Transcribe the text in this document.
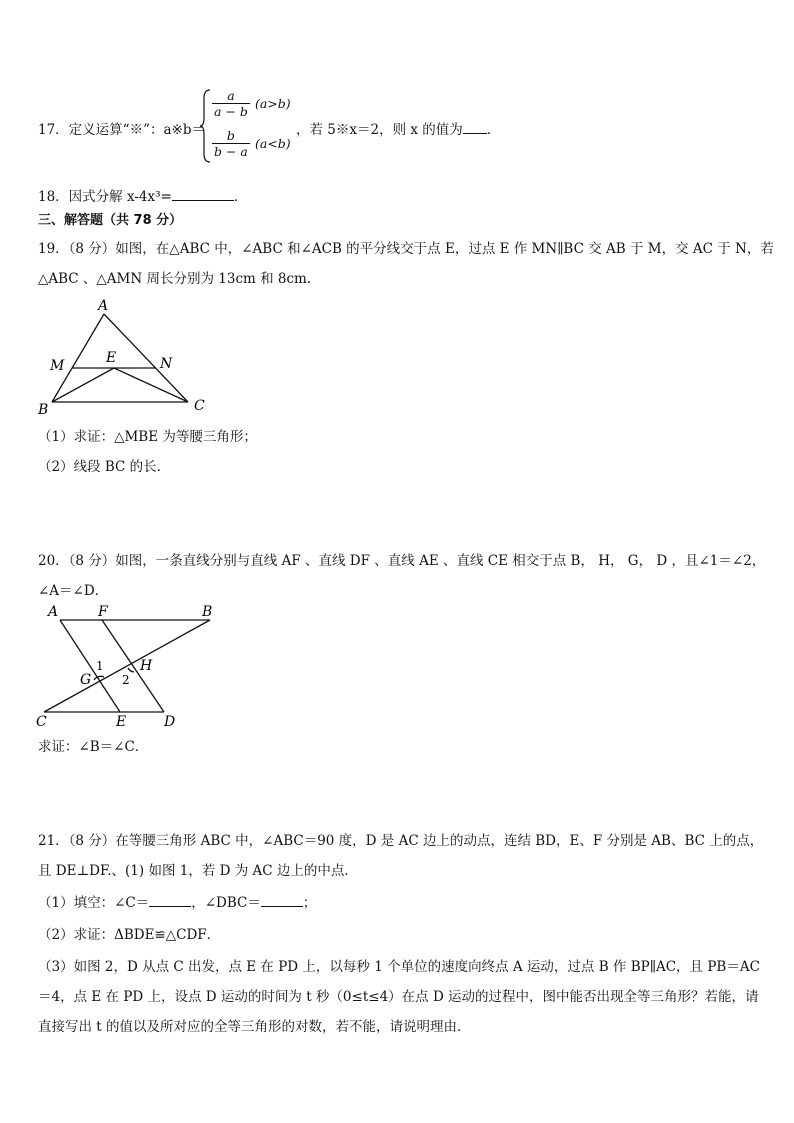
17．定义运算“※”：a※b＝
$\frac{a}{a - b} (a>b)$
$\frac{b}{b - a} (a<b)$
，若 5※x＝2，则 x 的值为 ．
18．因式分解 x-4x³=	．
三、解答题（共 78 分）
19．（8 分）如图，在△ABC 中，∠ABC 和∠ACB 的平分线交于点 E，过点 E 作 MN∥BC 交 AB 于 M，交 AC 于 N，若
△ABC 、△AMN 周长分别为 13cm 和 8cm.
A
M	E	N
B	C
（1）求证：△MBE 为等腰三角形；
（2）线段 BC 的长.
20．（8 分）如图，一条直线分别与直线 AF 、直线 DF 、直线 AE 、直线 CE 相交于点 B， H， G， D ，且∠1＝∠2，
∠A＝∠D．
A	F	B
H
1
2
G
C	E	D
求证：∠B＝∠C．
21．（8 分）在等腰三角形 ABC 中，∠ABC＝90 度，D 是 AC 边上的动点，连结 BD，E、F 分别是 AB、BC 上的点，
且 DE⊥DF.、(1) 如图 1，若 D 为 AC 边上的中点．
（1）填空：∠C＝	，∠DBC＝	；
（2）求证：ΔBDE≌△CDF．
（3）如图 2，D 从点 C 出发，点 E 在 PD 上，以每秒 1 个单位的速度向终点 A 运动，过点 B 作 BP∥AC，且 PB＝AC
＝4，点 E 在 PD 上，设点 D 运动的时间为 t 秒（0≤t≤4）在点 D 运动的过程中，图中能否出现全等三角形？若能，请
直接写出 t 的值以及所对应的全等三角形的对数，若不能，请说明理由．
